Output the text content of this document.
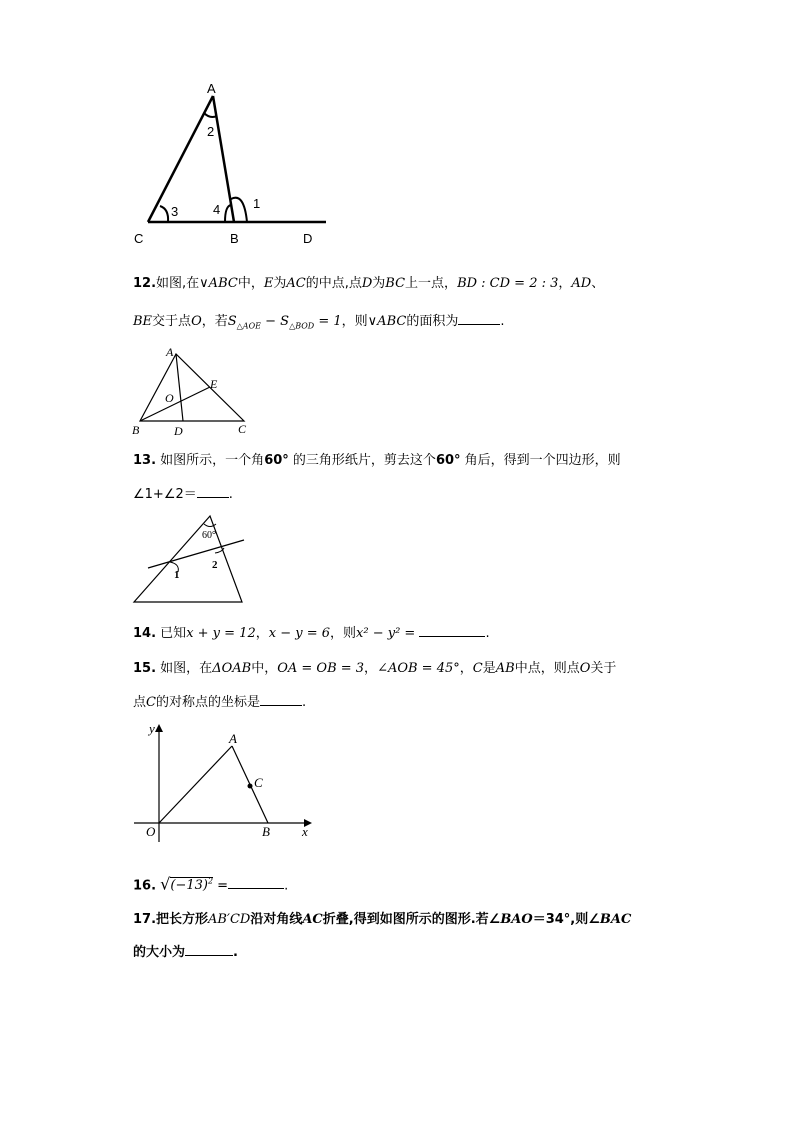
A
2
3	4	1
C	B	D
12.如图,在∨ABC中，E为AC的中点,点D为BC上一点，BD : CD = 2 : 3，AD、
BE交于点O，若$S_{\triangle AOE} - S_{\triangle BOD} = 1$，则∨ABC的面积为	.
A
E
O
B	D	C
13. 如图所示，一个角60° 的三角形纸片，剪去这个60° 角后，得到一个四边形，则
∠1+∠2＝ .
60°
1
2
14. 已知x + y = 12，x − y = 6，则x² − y² =	.
15. 如图，在ΔOAB中，OA = OB = 3，∠AOB = 45°，C是AB中点，则点O关于
点C的对称点的坐标是	.
y
A
C
O	B x
16. $√(-13)^2$ =	.
17.把长方形AB′CD沿对角线AC折叠,得到如图所示的图形.若∠BAO＝34°,则∠BAC
的大小为	.
